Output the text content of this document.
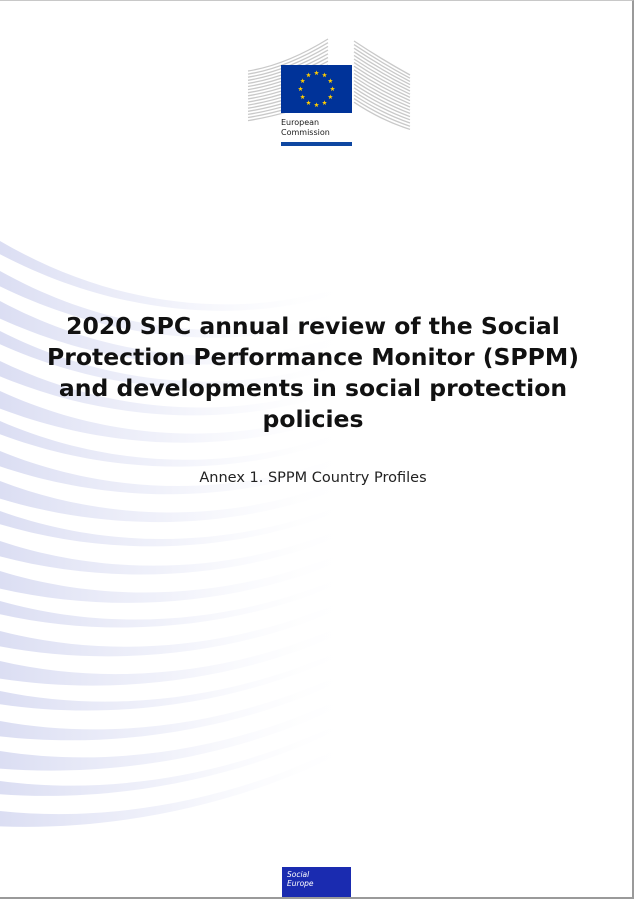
European
Commission
2020 SPC annual review of the Social Protection Performance Monitor (SPPM) and developments in social protection policies
Annex 1. SPPM Country Profiles
Social
Europe
